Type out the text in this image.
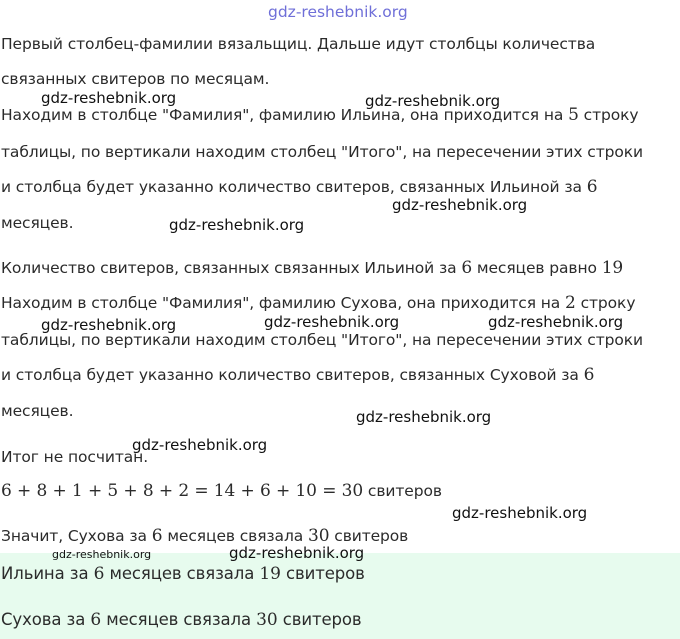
gdz-reshebnik.org

Первый столбец-фамилии вязальщиц. Дальше идут столбцы количества

связанных свитеров по месяцам.

Находим в столбце "Фамилия", фамилию Ильина, она приходится на 5 строку

таблицы, по вертикали находим столбец "Итого", на пересечении этих строки

и столбца будет указанно количество свитеров, связанных Ильиной за 6

месяцев.

Количество свитеров, связанных связанных Ильиной за 6 месяцев равно 19

Находим в столбце "Фамилия", фамилию Сухова, она приходится на 2 строку

таблицы, по вертикали находим столбец "Итого", на пересечении этих строки

и столбца будет указанно количество свитеров, связанных Суховой за 6

месяцев.

Итог не посчитан.

6 + 8 + 1 + 5 + 8 + 2 = 14 + 6 + 10 = 30 свитеров

Значит, Сухова за 6 месяцев связала 30 свитеров

Ильина за 6 месяцев связала 19 свитеров

Сухова за 6 месяцев связала 30 свитеров

gdz-reshebnik.org	gdz-reshebnik.org
gdz-reshebnik.org
gdz-reshebnik.org
gdz-reshebnik.org	gdz-reshebnik.org	gdz-reshebnik.org
gdz-reshebnik.org
gdz-reshebnik.org
gdz-reshebnik.org
gdz-reshebnik.org	gdz-reshebnik.org
